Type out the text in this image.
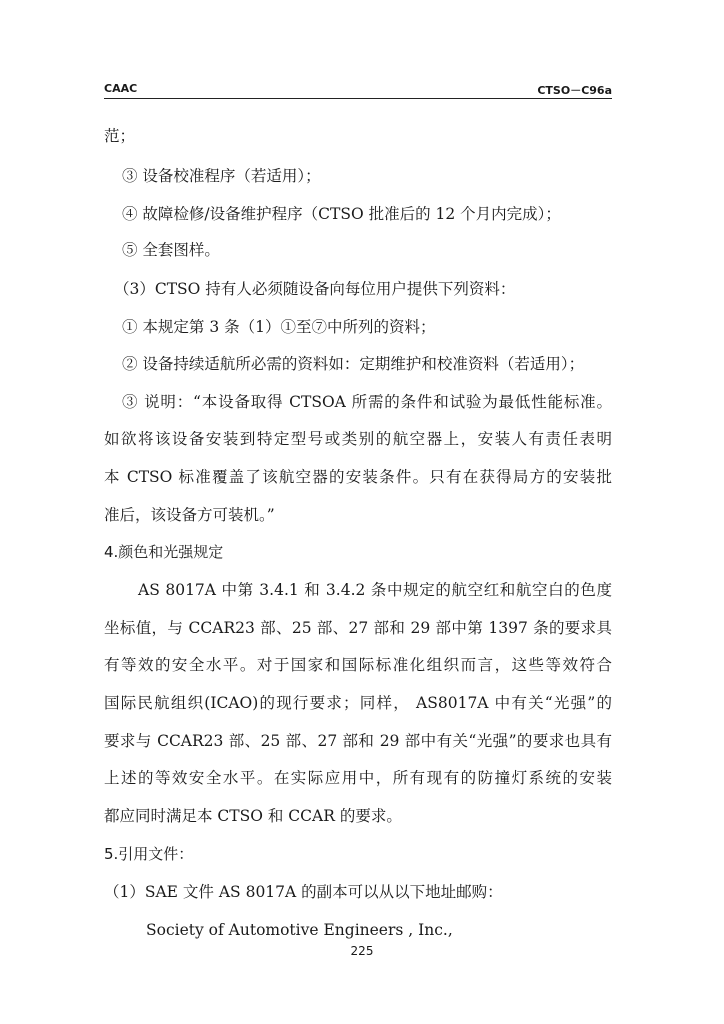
CAAC	CTSO－C96a
范；
③ 设备校准程序（若适用）；
④ 故障检修/设备维护程序（CTSO 批准后的 12 个月内完成）；
⑤ 全套图样。
（3）CTSO 持有人必须随设备向每位用户提供下列资料：
① 本规定第 3 条（1）①至⑦中所列的资料；
② 设备持续适航所必需的资料如：定期维护和校准资料（若适用）；
③ 说明：“本设备取得 CTSOA 所需的条件和试验为最低性能标准。
如欲将该设备安装到特定型号或类别的航空器上，安装人有责任表明
本 CTSO 标准覆盖了该航空器的安装条件。只有在获得局方的安装批
准后，该设备方可装机。”
4.颜色和光强规定
AS 8017A 中第 3.4.1 和 3.4.2 条中规定的航空红和航空白的色度
坐标值，与 CCAR23 部、25 部、27 部和 29 部中第 1397 条的要求具
有等效的安全水平。对于国家和国际标准化组织而言，这些等效符合
国际民航组织(ICAO)的现行要求；同样， AS8017A 中有关“光强”的
要求与 CCAR23 部、25 部、27 部和 29 部中有关“光强”的要求也具有
上述的等效安全水平。在实际应用中，所有现有的防撞灯系统的安装
都应同时满足本 CTSO 和 CCAR 的要求。
5.引用文件：
（1）SAE 文件 AS 8017A 的副本可以从以下地址邮购：
Society of Automotive Engineers , Inc.,
225
